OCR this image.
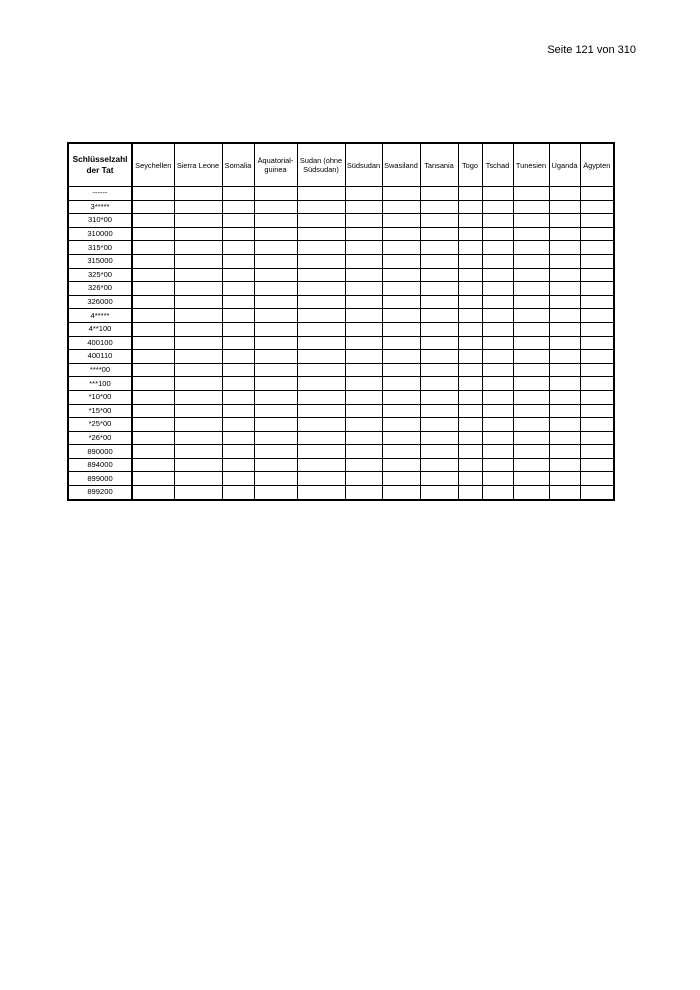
Seite 121 von 310
Schlüsselzahl der Tat	Seychellen	Sierra Leone	Somalia	Äquatorial-guinea	Sudan (ohne Südsudan)	Südsudan	Swasiland	Tansania	Togo	Tschad	Tunesien	Uganda	Ägypten
------													
3*****													
310*00													
310000													
315*00													
315000													
325*00													
326*00													
326000													
4*****													
4**100													
400100													
400110													
****00													
***100													
*10*00													
*15*00													
*25*00													
*26*00													
890000													
894000													
899000													
899200													
